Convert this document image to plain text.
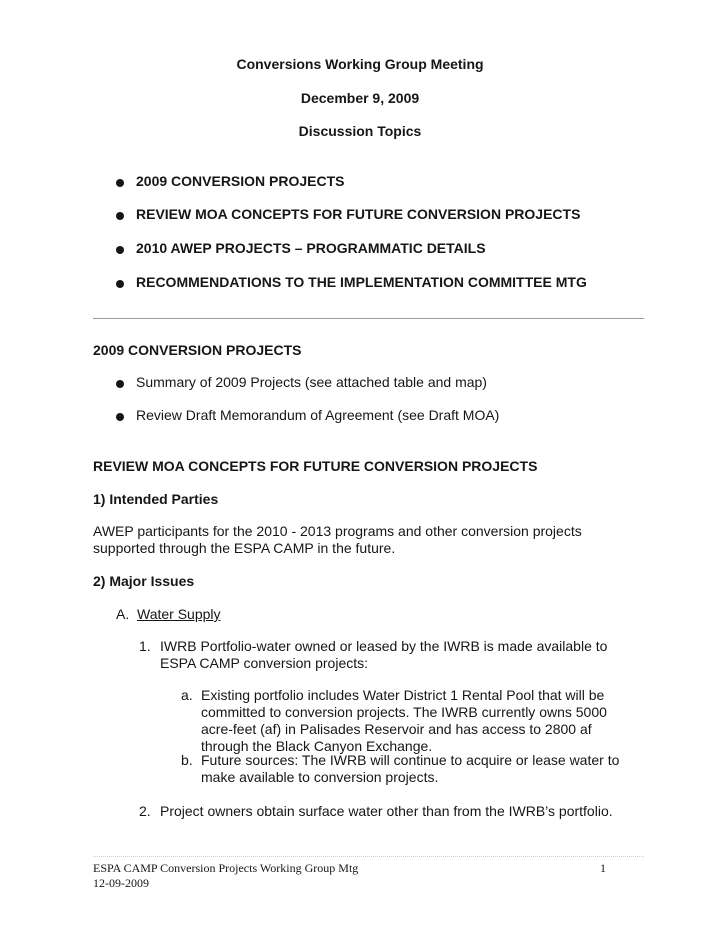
Conversions Working Group Meeting
December 9, 2009
Discussion Topics
2009 CONVERSION PROJECTS
REVIEW MOA CONCEPTS FOR FUTURE CONVERSION PROJECTS
2010 AWEP PROJECTS – PROGRAMMATIC DETAILS
RECOMMENDATIONS TO THE IMPLEMENTATION COMMITTEE MTG
2009 CONVERSION PROJECTS
Summary of 2009 Projects (see attached table and map)
Review Draft Memorandum of Agreement (see Draft MOA)
REVIEW MOA CONCEPTS FOR FUTURE CONVERSION PROJECTS
1) Intended Parties
AWEP participants for the 2010 - 2013 programs and other conversion projects supported through the ESPA CAMP in the future.
2) Major Issues
A. Water Supply
1. IWRB Portfolio-water owned or leased by the IWRB is made available to ESPA CAMP conversion projects:
a. Existing portfolio includes Water District 1 Rental Pool that will be committed to conversion projects. The IWRB currently owns 5000 acre-feet (af) in Palisades Reservoir and has access to 2800 af through the Black Canyon Exchange.
b. Future sources: The IWRB will continue to acquire or lease water to make available to conversion projects.
2. Project owners obtain surface water other than from the IWRB’s portfolio.
ESPA CAMP Conversion Projects Working Group Mtg
12-09-2009
1
